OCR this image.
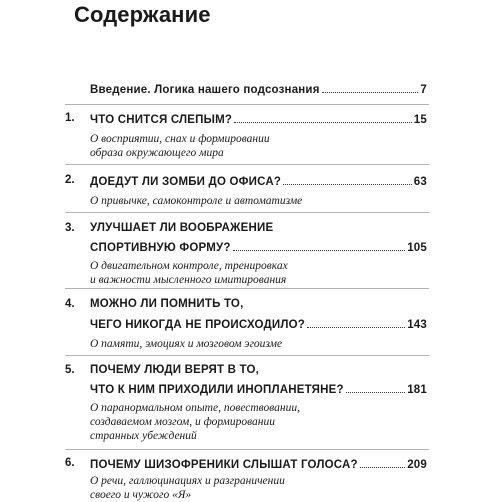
Содержание
Введение. Логика нашего подсознания	7
1. ЧТО СНИТСЯ СЛЕПЫМ?	15
О восприятии, снах и формировании
образа окружающего мира
2. ДОЕДУТ ЛИ ЗОМБИ ДО ОФИСА?	63
О привычке, самоконтроле и автоматизме
3. УЛУЧШАЕТ ЛИ ВООБРАЖЕНИЕ
СПОРТИВНУЮ ФОРМУ?	105
О двигательном контроле, тренировках
и важности мысленного имитирования
4. МОЖНО ЛИ ПОМНИТЬ ТО,
ЧЕГО НИКОГДА НЕ ПРОИСХОДИЛО?	143
О памяти, эмоциях и мозговом эгоизме
5. ПОЧЕМУ ЛЮДИ ВЕРЯТ В ТО,
ЧТО К НИМ ПРИХОДИЛИ ИНОПЛАНЕТЯНЕ?	181
О паранормальном опыте, повествовании,
создаваемом мозгом, и формировании
странных убеждений
6. ПОЧЕМУ ШИЗОФРЕНИКИ СЛЫШАТ ГОЛОСА?	209
О речи, галлюцинациях и разграничении
своего и чужого «Я»
